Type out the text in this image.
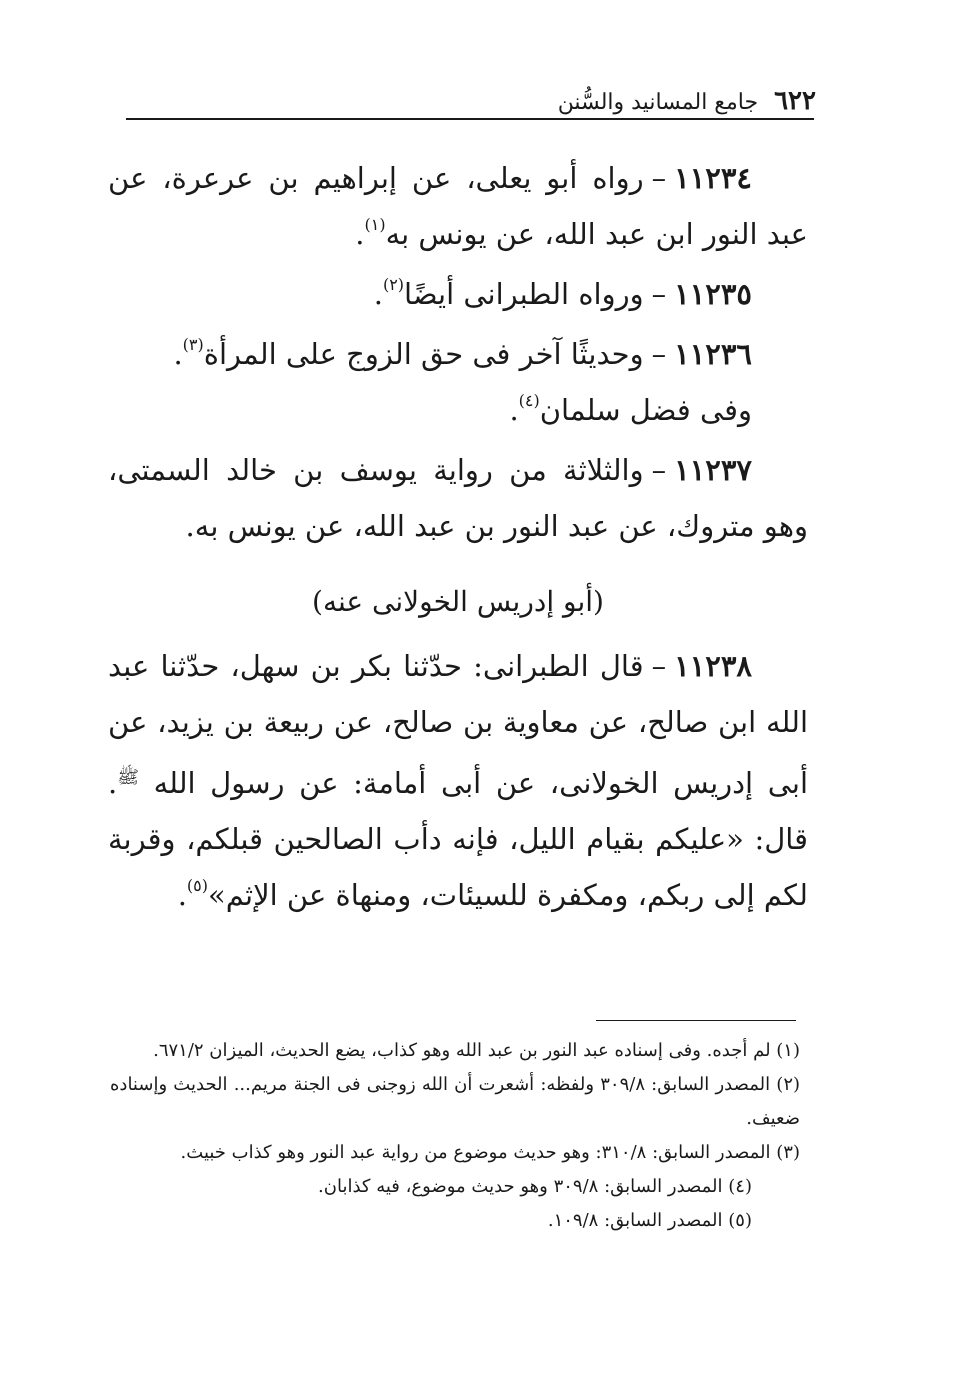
٦٢٢
جامع المسانيد والسُّنن

١١٢٣٤–رواه أبو يعلى، عن إبراهيم بن عرعرة، عن عبد النور ابن عبد الله، عن يونس به$^{(١)}$.

١١٢٣٥–ورواه الطبرانى أيضًا$^{(٢)}$.

١١٢٣٦–وحديثًا آخر فى حق الزوج على المرأة$^{(٣)}$.

وفى فضل سلمان$^{(٤)}$.

١١٢٣٧–والثلاثة من رواية يوسف بن خالد السمتى، وهو متروك، عن عبد النور بن عبد الله، عن يونس به.

(أبو إدريس الخولانى عنه)

١١٢٣٨–قال الطبرانى: حدّثنا بكر بن سهل، حدّثنا عبد الله ابن صالح، عن معاوية بن صالح، عن ربيعة بن يزيد، عن أبى إدريس الخولانى، عن أبى أمامة: عن رسول الله $^ﷺ$. قال: «عليكم بقيام الليل، فإنه دأب الصالحين قبلكم، وقربة لكم إلى ربكم، ومكفرة للسيئات، ومنهاة عن الإثم»$^{(٥)}$.

(١) لم أجده. وفى إسناده عبد النور بن عبد الله وهو كذاب، يضع الحديث، الميزان ٦٧١/٢.

(٢) المصدر السابق: ٣٠٩/٨ ولفظه: أشعرت أن الله زوجنى فى الجنة مريم... الحديث وإسناده ضعيف.

(٣) المصدر السابق: ٣١٠/٨: وهو حديث موضوع من رواية عبد النور وهو كذاب خبيث.

(٤) المصدر السابق: ٣٠٩/٨ وهو حديث موضوع، فيه كذابان.

(٥) المصدر السابق: ١٠٩/٨.
